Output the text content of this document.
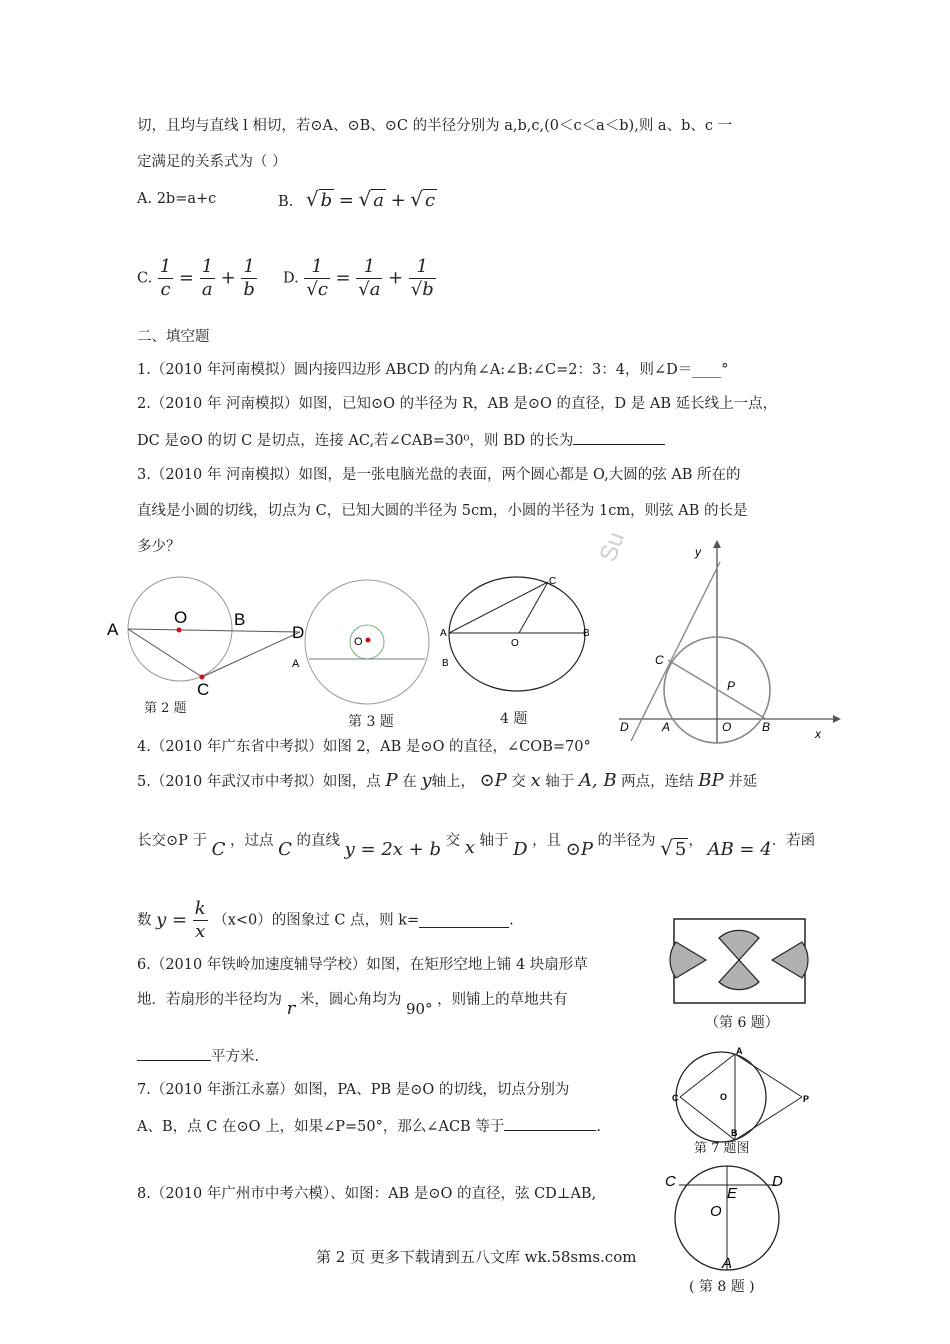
切，且均与直线 l 相切，若⊙A、⊙B、⊙C 的半径分别为 a,b,c,(0＜c＜a＜b),则 a、b、c 一
定满足的关系式为（ ）
A. 2b=a+c	B. √ b = √ a + √ c
C. $\frac{1}{c} = \frac{1}{a} + \frac{1}{b} D$. $\frac{1}{√c} = \frac{1}{√a} + \frac{1}{√b}$
二、填空题
1.（2010 年河南模拟）圆内接四边形 ABCD 的内角∠A:∠B:∠C=2：3：4，则∠D＝____°
2.（2010 年 河南模拟）如图，已知⊙O 的半径为 R，AB 是⊙O 的直径，D 是 AB 延长线上一点，
DC 是⊙O 的切 C 是切点，连接 AC,若∠CAB=30⁰，则 BD 的长为
3.（2010 年 河南模拟）如图，是一张电脑光盘的表面，两个圆心都是 O,大圆的弦 AB 所在的
直线是小圆的切线，切点为 C，已知大圆的半径为 5cm，小圆的半径为 1cm，则弦 AB 的长是
多少？	Su
A
O	B
D
C
第 2 题
O
A
第 3 题
C
A
O
B
B
4 题
y
x
C
P
D	A	O	B
4.（2010 年广东省中考拟）如图 2，AB 是⊙O 的直径，∠COB=70°
5.（2010 年武汉市中考拟）如图，点 P 在 y轴上， ⊙P 交 x 轴于 A, B 两点，连结 BP 并延
长交⊙P 于 C ，过点 C 的直线 y = 2x + b 交 x 轴于 D ，且 ⊙P 的半径为 √ 5 ， AB = 4．若函
数 $y = \frac{k}{x} (x<0)$的图象过 C 点，则 k=	.
6.（2010 年铁岭加速度辅导学校）如图，在矩形空地上铺 4 块扇形草
地．若扇形的半径均为 r 米，圆心角均为 90° ，则铺上的草地共有
平方米.
（第 6 题）
7.（2010 年浙江永嘉）如图，PA、PB 是⊙O 的切线，切点分别为
A、B，点 C 在⊙O 上，如果∠P=50°，那么∠ACB 等于	.
A
C	O	P
B
第 7 题图
8.（2010 年广州市中考六模）、如图：AB 是⊙O 的直径，弦 CD⊥AB,
C	D
E
O
A
( 第 8 题 )
第 2 页 更多下载请到五八文库 wk.58sms.com
